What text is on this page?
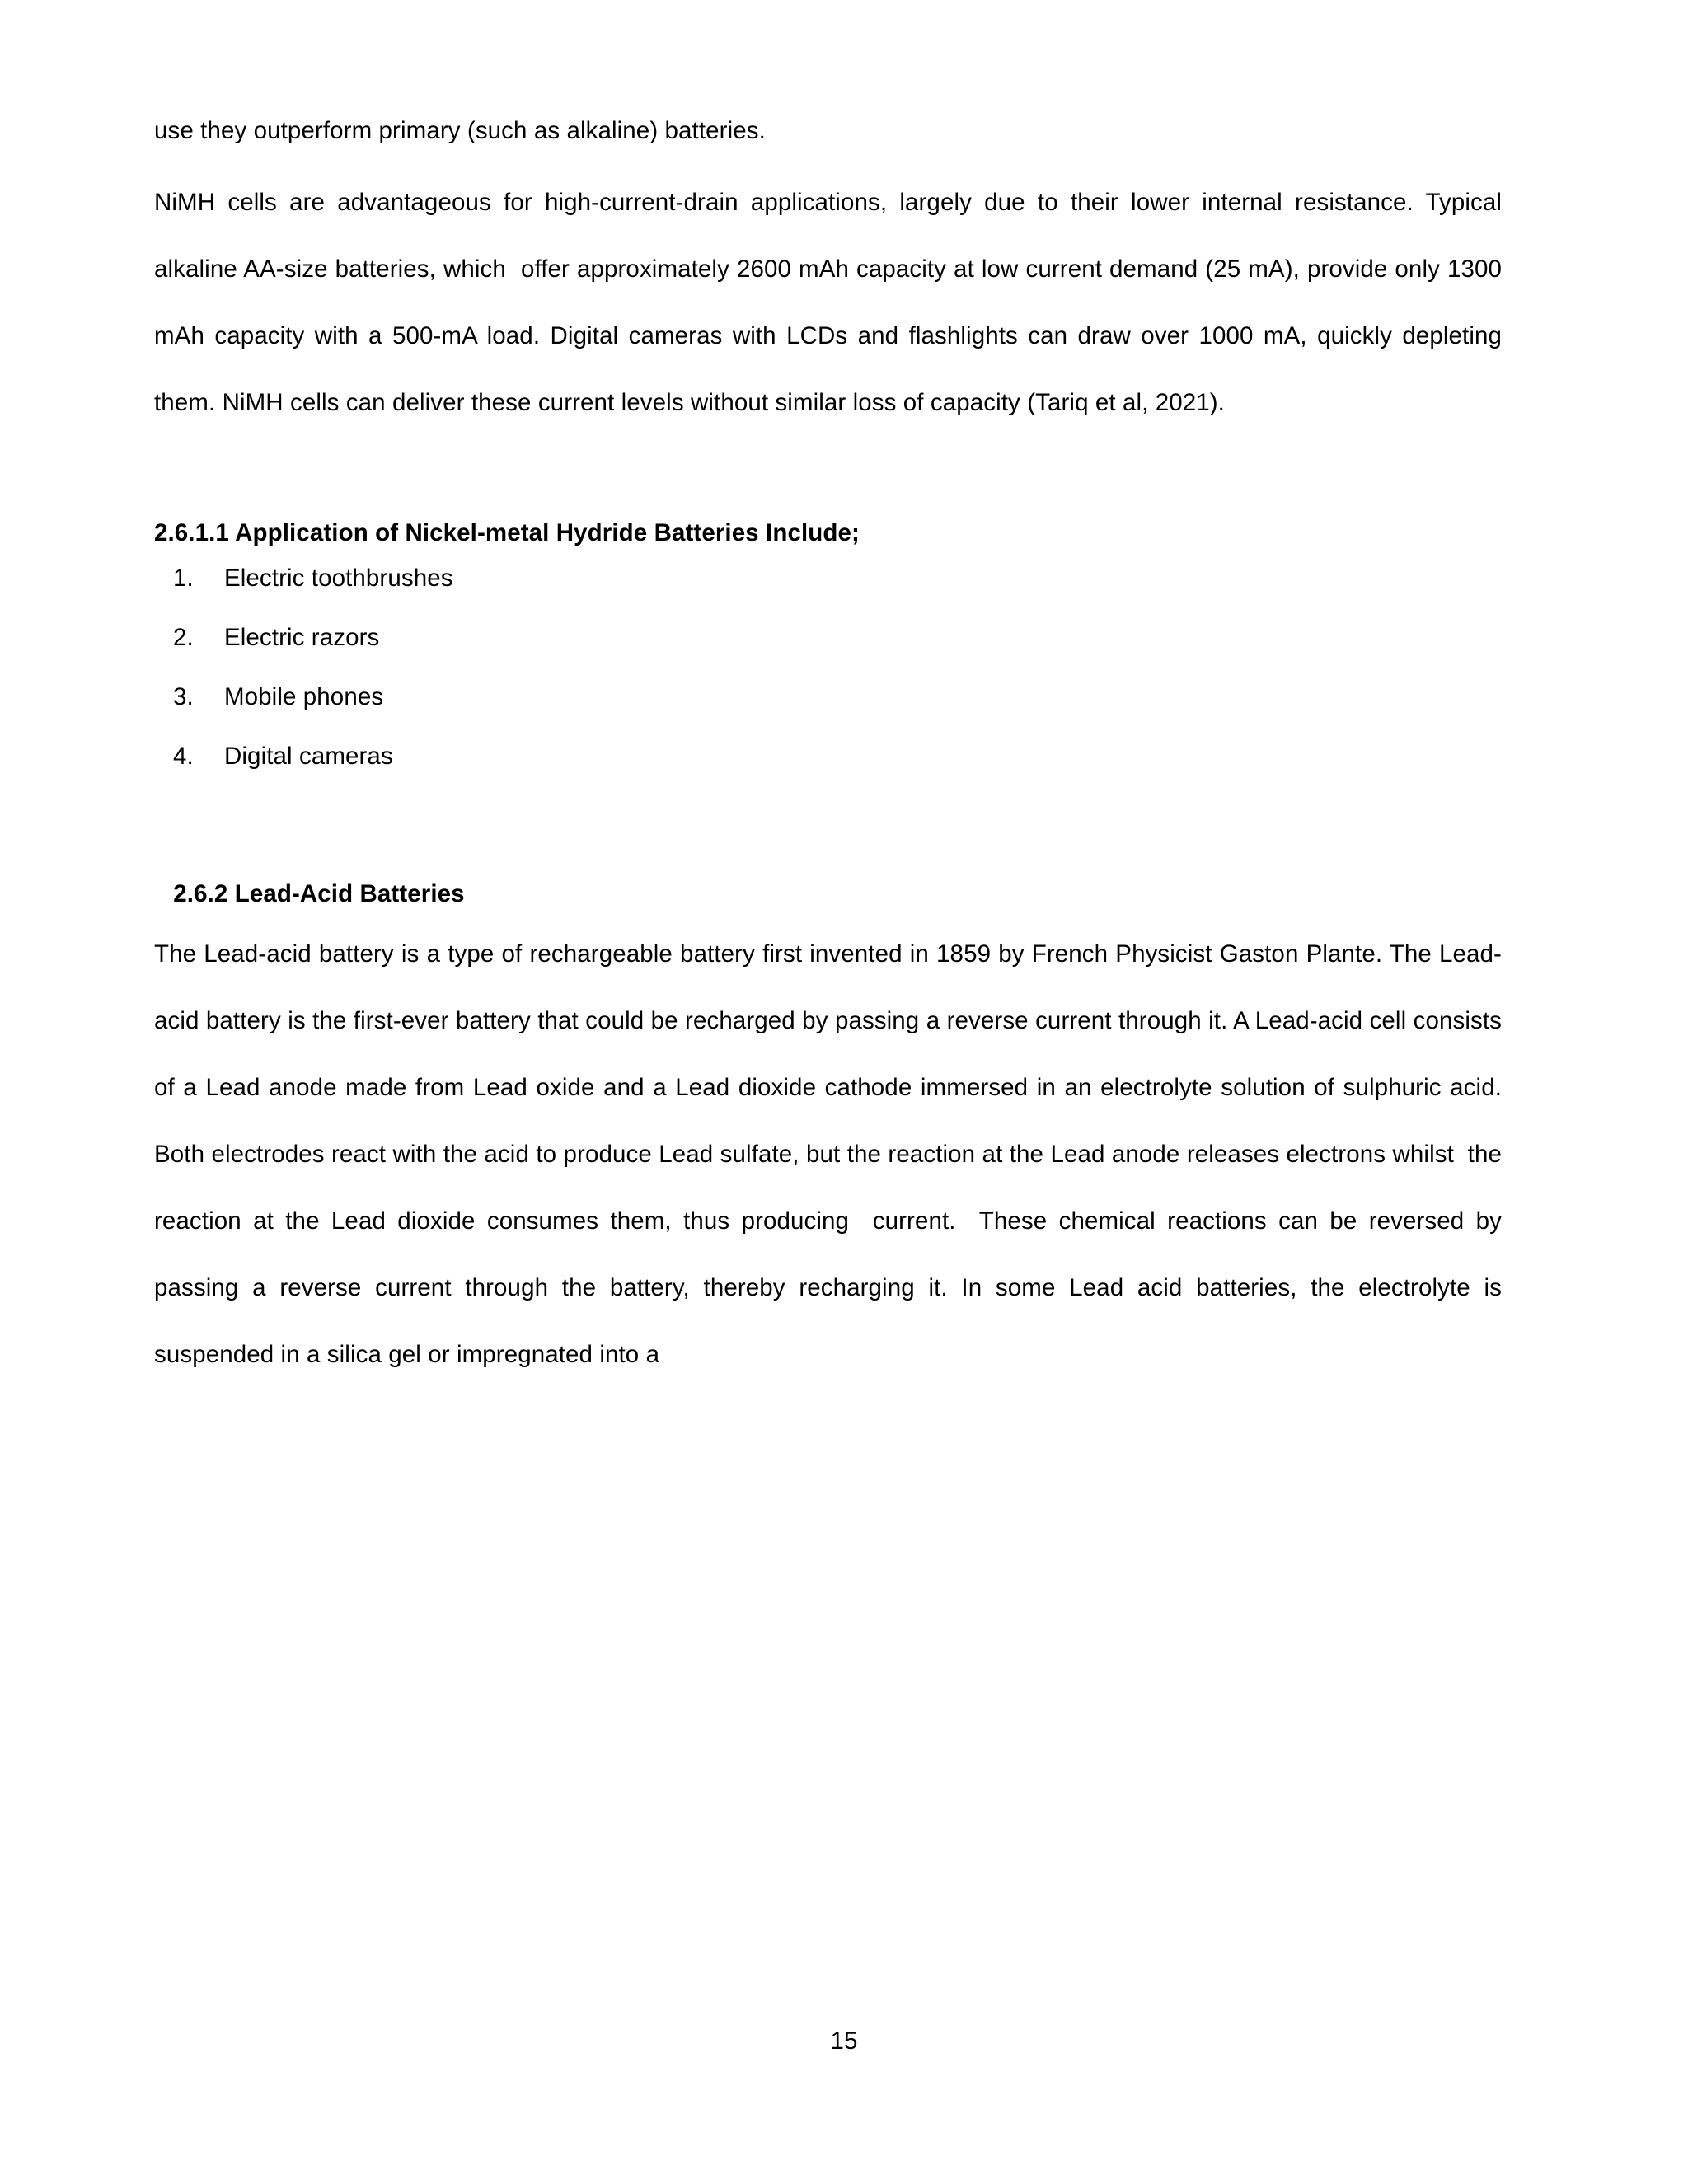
use they outperform primary (such as alkaline) batteries.

NiMH cells are advantageous for high-current-drain applications, largely due to their lower internal resistance. Typical alkaline AA-size batteries, which  offer approximately 2600 mAh capacity at low current demand (25 mA), provide only 1300 mAh capacity with a 500-mA load. Digital cameras with LCDs and flashlights can draw over 1000 mA, quickly depleting them. NiMH cells can deliver these current levels without similar loss of capacity (Tariq et al, 2021).

2.6.1.1 Application of Nickel-metal Hydride Batteries Include;
1.	Electric toothbrushes
2.	Electric razors
3.	Mobile phones
4.	Digital cameras
2.6.2 Lead-Acid Batteries

The Lead-acid battery is a type of rechargeable battery first invented in 1859 by French Physicist Gaston Plante. The Lead-acid battery is the first-ever battery that could be recharged by passing a reverse current through it. A Lead-acid cell consists of a Lead anode made from Lead oxide and a Lead dioxide cathode immersed in an electrolyte solution of sulphuric acid. Both electrodes react with the acid to produce Lead sulfate, but the reaction at the Lead anode releases electrons whilst  the reaction at the Lead dioxide consumes them, thus producing  current.  These chemical reactions can be reversed by passing a reverse current through the battery, thereby recharging it. In some Lead acid batteries, the electrolyte is suspended in a silica gel or impregnated into a

15
